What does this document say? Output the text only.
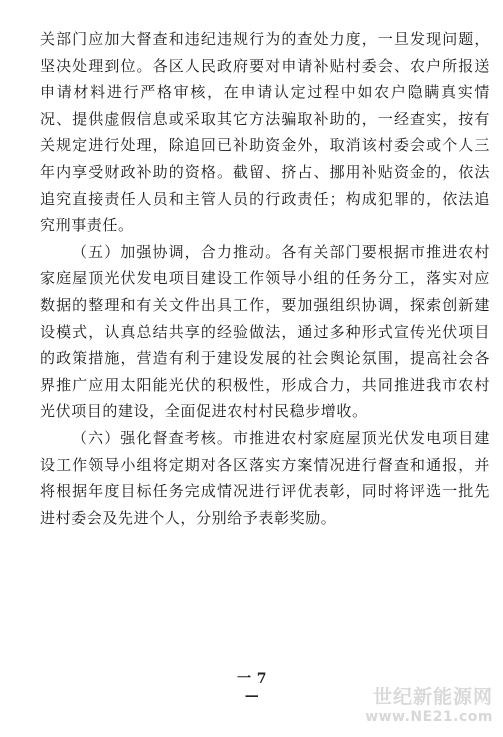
关部门应加大督查和违纪违规行为的查处力度，一旦发现问题，坚决处理到位。各区人民政府要对申请补贴村委会、农户所报送申请材料进行严格审核，在申请认定过程中如农户隐瞒真实情况、提供虚假信息或采取其它方法骗取补助的，一经查实，按有关规定进行处理，除追回已补助资金外，取消该村委会或个人三年内享受财政补助的资格。截留、挤占、挪用补贴资金的，依法追究直接责任人员和主管人员的行政责任；构成犯罪的，依法追究刑事责任。

（五）加强协调，合力推动。各有关部门要根据市推进农村家庭屋顶光伏发电项目建设工作领导小组的任务分工，落实对应数据的整理和有关文件出具工作，要加强组织协调，探索创新建设模式，认真总结共享的经验做法，通过多种形式宣传光伏项目的政策措施，营造有利于建设发展的社会舆论氛围，提高社会各界推广应用太阳能光伏的积极性，形成合力，共同推进我市农村光伏项目的建设，全面促进农村村民稳步增收。

（六）强化督查考核。市推进农村家庭屋顶光伏发电项目建设工作领导小组将定期对各区落实方案情况进行督查和通报，并将根据年度目标任务完成情况进行评优表彰，同时将评选一批先进村委会及先进个人，分别给予表彰奖励。

一 7 —	世纪新能源网
www.NE21.com
